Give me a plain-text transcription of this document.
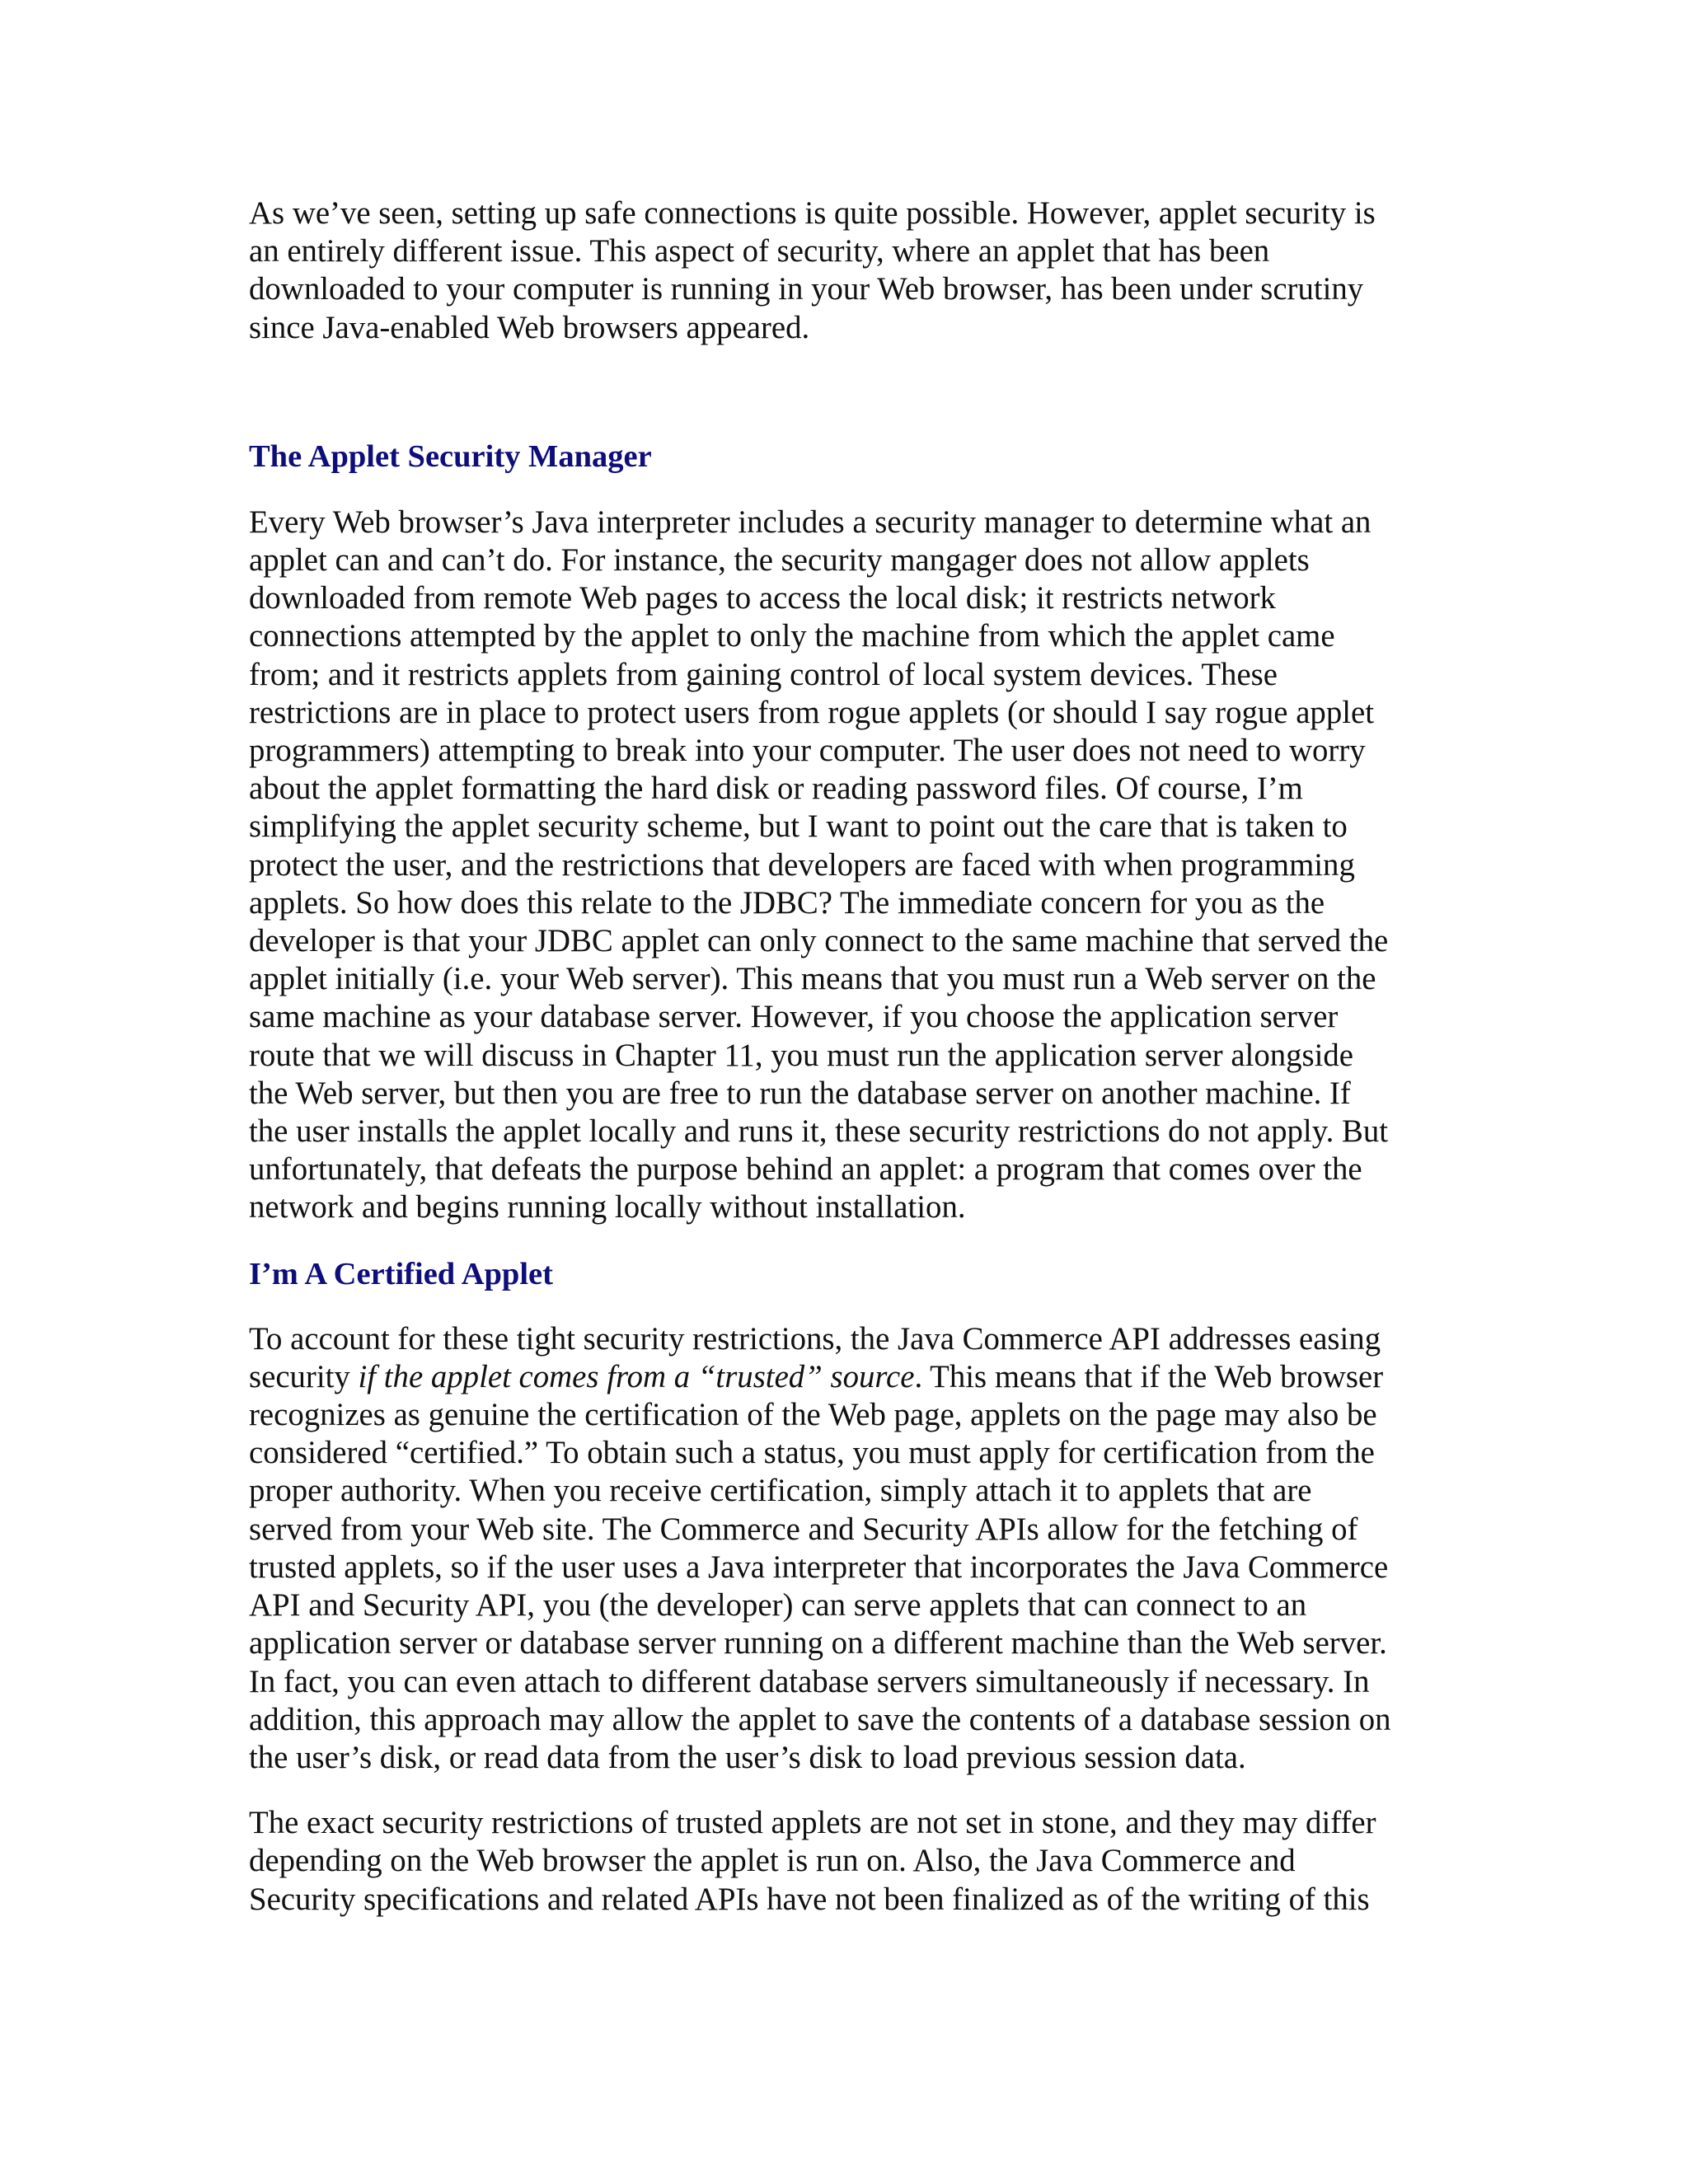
As we’ve seen, setting up safe connections is quite possible. However, applet security is
an entirely different issue. This aspect of security, where an applet that has been
downloaded to your computer is running in your Web browser, has been under scrutiny
since Java-enabled Web browsers appeared.

The Applet Security Manager

Every Web browser’s Java interpreter includes a security manager to determine what an
applet can and can’t do. For instance, the security mangager does not allow applets
downloaded from remote Web pages to access the local disk; it restricts network
connections attempted by the applet to only the machine from which the applet came
from; and it restricts applets from gaining control of local system devices. These
restrictions are in place to protect users from rogue applets (or should I say rogue applet
programmers) attempting to break into your computer. The user does not need to worry
about the applet formatting the hard disk or reading password files. Of course, I’m
simplifying the applet security scheme, but I want to point out the care that is taken to
protect the user, and the restrictions that developers are faced with when programming
applets. So how does this relate to the JDBC? The immediate concern for you as the
developer is that your JDBC applet can only connect to the same machine that served the
applet initially (i.e. your Web server). This means that you must run a Web server on the
same machine as your database server. However, if you choose the application server
route that we will discuss in Chapter 11, you must run the application server alongside
the Web server, but then you are free to run the database server on another machine. If
the user installs the applet locally and runs it, these security restrictions do not apply. But
unfortunately, that defeats the purpose behind an applet: a program that comes over the
network and begins running locally without installation.

I’m A Certified Applet

To account for these tight security restrictions, the Java Commerce API addresses easing
security if the applet comes from a “trusted” source. This means that if the Web browser
recognizes as genuine the certification of the Web page, applets on the page may also be
considered “certified.” To obtain such a status, you must apply for certification from the
proper authority. When you receive certification, simply attach it to applets that are
served from your Web site. The Commerce and Security APIs allow for the fetching of
trusted applets, so if the user uses a Java interpreter that incorporates the Java Commerce
API and Security API, you (the developer) can serve applets that can connect to an
application server or database server running on a different machine than the Web server.
In fact, you can even attach to different database servers simultaneously if necessary. In
addition, this approach may allow the applet to save the contents of a database session on
the user’s disk, or read data from the user’s disk to load previous session data.

The exact security restrictions of trusted applets are not set in stone, and they may differ
depending on the Web browser the applet is run on. Also, the Java Commerce and
Security specifications and related APIs have not been finalized as of the writing of this
